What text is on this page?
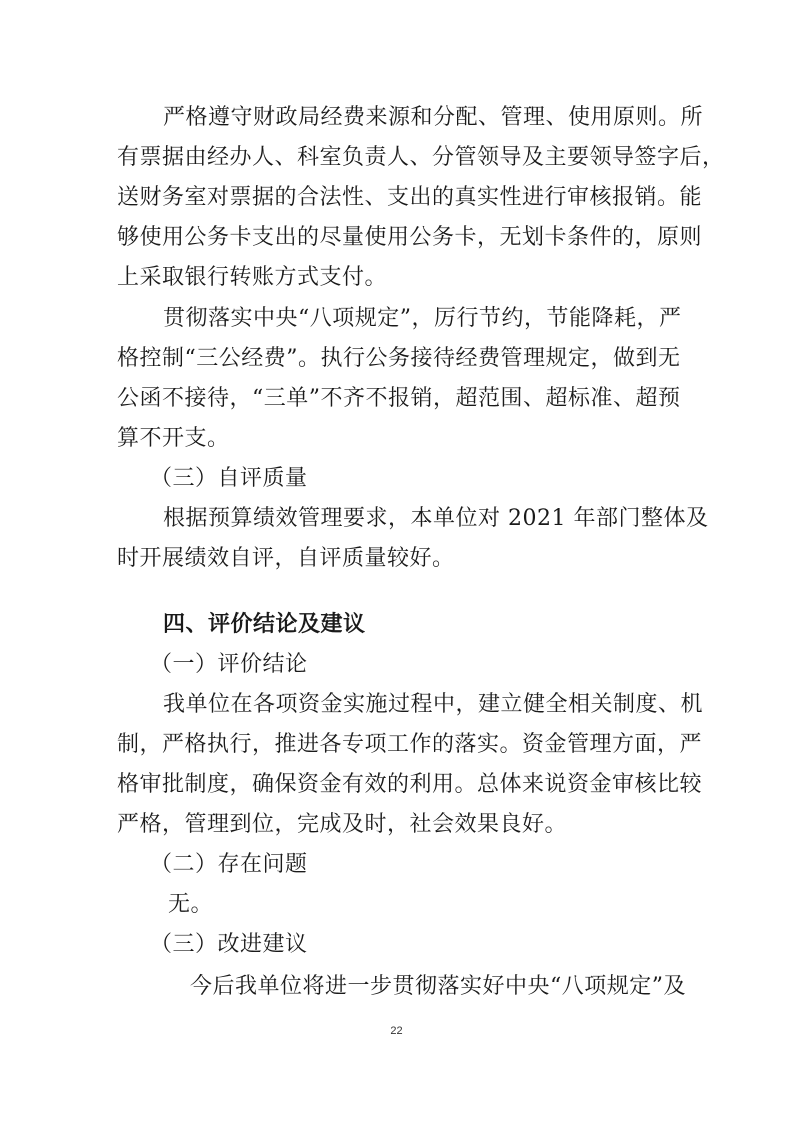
严格遵守财政局经费来源和分配、管理、使用原则。所
有票据由经办人、科室负责人、分管领导及主要领导签字后，
送财务室对票据的合法性、支出的真实性进行审核报销。能
够使用公务卡支出的尽量使用公务卡，无划卡条件的，原则
上采取银行转账方式支付。
贯彻落实中央“八项规定”，厉行节约，节能降耗，严
格控制“三公经费”。执行公务接待经费管理规定，做到无
公函不接待，“三单”不齐不报销，超范围、超标准、超预
算不开支。
（三）自评质量
根据预算绩效管理要求，本单位对 2021 年部门整体及
时开展绩效自评，自评质量较好。
四、评价结论及建议
（一）评价结论
我单位在各项资金实施过程中，建立健全相关制度、机
制，严格执行，推进各专项工作的落实。资金管理方面，严
格审批制度，确保资金有效的利用。总体来说资金审核比较
严格，管理到位，完成及时，社会效果良好。
（二）存在问题
无。
（三）改进建议
今后我单位将进一步贯彻落实好中央“八项规定”及
22
